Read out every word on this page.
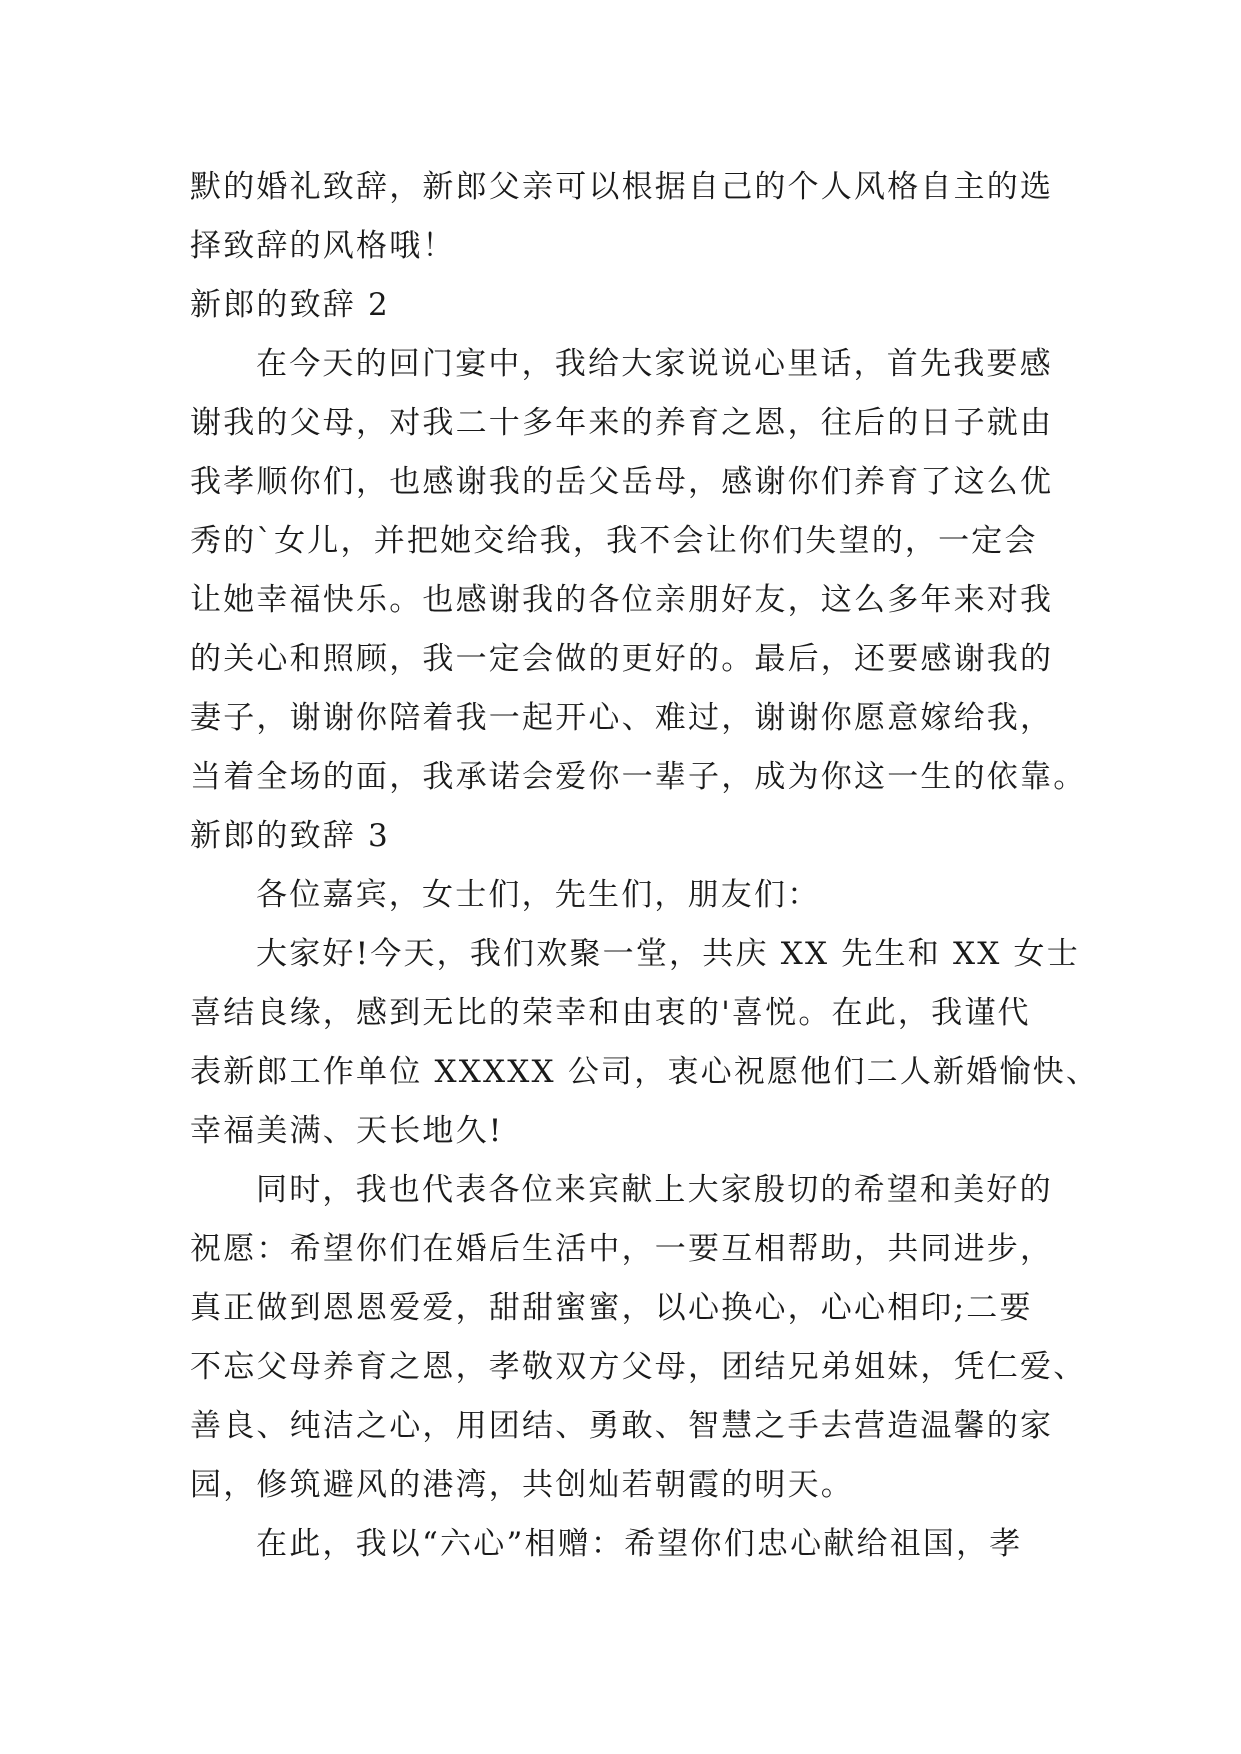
默的婚礼致辞，新郎父亲可以根据自己的个人风格自主的选
择致辞的风格哦！
新郎的致辞 2
在今天的回门宴中，我给大家说说心里话，首先我要感
谢我的父母，对我二十多年来的养育之恩，往后的日子就由
我孝顺你们，也感谢我的岳父岳母，感谢你们养育了这么优
秀的`女儿，并把她交给我，我不会让你们失望的，一定会
让她幸福快乐。也感谢我的各位亲朋好友，这么多年来对我
的关心和照顾，我一定会做的更好的。最后，还要感谢我的
妻子，谢谢你陪着我一起开心、难过，谢谢你愿意嫁给我，
当着全场的面，我承诺会爱你一辈子，成为你这一生的依靠。
新郎的致辞 3
各位嘉宾，女士们，先生们，朋友们：
大家好!今天，我们欢聚一堂，共庆 XX 先生和 XX 女士
喜结良缘，感到无比的荣幸和由衷的'喜悦。在此，我谨代
表新郎工作单位 XXXXX 公司，衷心祝愿他们二人新婚愉快、
幸福美满、天长地久!
同时，我也代表各位来宾献上大家殷切的希望和美好的
祝愿：希望你们在婚后生活中，一要互相帮助，共同进步，
真正做到恩恩爱爱，甜甜蜜蜜，以心换心，心心相印;二要
不忘父母养育之恩，孝敬双方父母，团结兄弟姐妹，凭仁爱、
善良、纯洁之心，用团结、勇敢、智慧之手去营造温馨的家
园，修筑避风的港湾，共创灿若朝霞的明天。
在此，我以“六心”相赠：希望你们忠心献给祖国，孝
